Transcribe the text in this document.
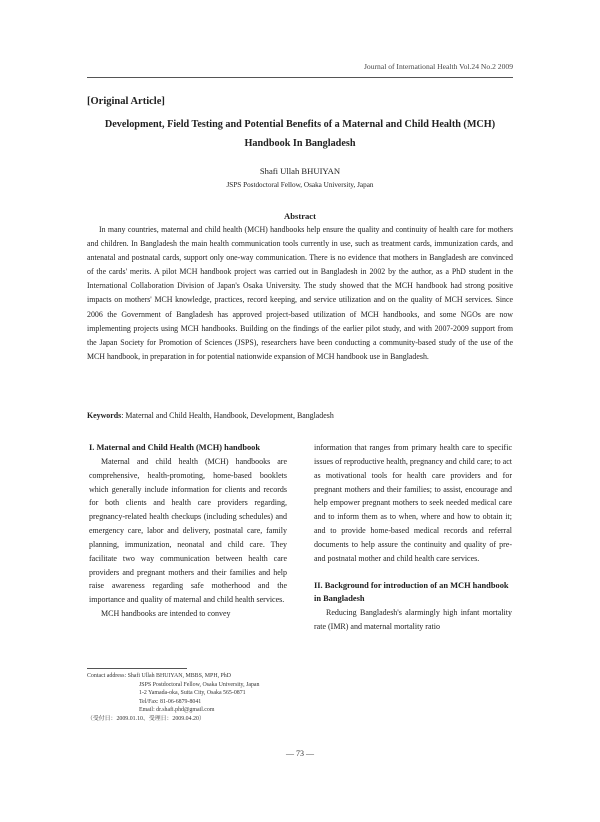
Journal of International Health Vol.24 No.2 2009
[Original Article]
Development, Field Testing and Potential Benefits of a Maternal and Child Health (MCH) Handbook In Bangladesh
Shafi Ullah BHUIYAN
JSPS Postdoctoral Fellow, Osaka University, Japan
Abstract

In many countries, maternal and child health (MCH) handbooks help ensure the quality and continuity of health care for mothers and children. In Bangladesh the main health communication tools currently in use, such as treatment cards, immunization cards, and antenatal and postnatal cards, support only one-way communication. There is no evidence that mothers in Bangladesh are convinced of the cards' merits. A pilot MCH handbook project was carried out in Bangladesh in 2002 by the author, as a PhD student in the International Collaboration Division of Japan's Osaka University. The study showed that the MCH handbook had strong positive impacts on mothers' MCH knowledge, practices, record keeping, and service utilization and on the quality of MCH services. Since 2006 the Government of Bangladesh has approved project-based utilization of MCH handbooks, and some NGOs are now implementing projects using MCH handbooks. Building on the findings of the earlier pilot study, and with 2007-2009 support from the Japan Society for Promotion of Sciences (JSPS), researchers have been conducting a community-based study of the use of the MCH handbook, in preparation in for potential nationwide expansion of MCH handbook use in Bangladesh.

Keywords: Maternal and Child Health, Handbook, Development, Bangladesh

I. Maternal and Child Health (MCH) handbook

Maternal and child health (MCH) handbooks are comprehensive, health-promoting, home-based booklets which generally include information for clients and records for both clients and health care providers regarding, pregnancy-related health checkups (including schedules) and emergency care, labor and delivery, postnatal care, family planning, immunization, neonatal and child care. They facilitate two way communication between health care providers and pregnant mothers and their families and help raise awareness regarding safe motherhood and the importance and quality of maternal and child health services.

MCH handbooks are intended to convey

information that ranges from primary health care to specific issues of reproductive health, pregnancy and child care; to act as motivational tools for health care providers and for pregnant mothers and their families; to assist, encourage and help empower pregnant mothers to seek needed medical care and to inform them as to when, where and how to obtain it; and to provide home-based medical records and referral documents to help assure the continuity and quality of pre- and postnatal mother and child health care services.

II. Background for introduction of an MCH handbook in Bangladesh

Reducing Bangladesh's alarmingly high infant mortality rate (IMR) and maternal mortality ratio

Contact address: Shafi Ullah BHUIYAN, MBBS, MPH, PhD
JSPS Postdoctoral Fellow, Osaka University, Japan
1-2 Yamada-oka, Suita City, Osaka 565-0871
Tel/Fax: 81-06-6879-8041
Email: dr.shafi.phd@gmail.com
（受付日：2009.01.10、受理日：2009.04.20）
— 73 —
